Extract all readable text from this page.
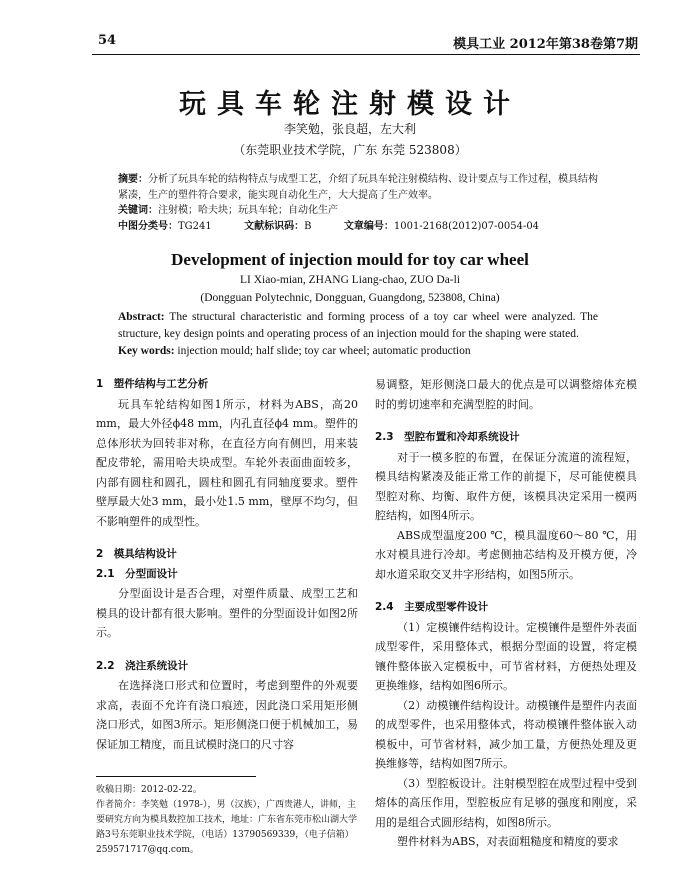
54	模具工业 2012年第38卷第7期
玩具车轮注射模设计
李笑勉，张良超，左大利
（东莞职业技术学院，广东 东莞 523808）
摘要：分析了玩具车轮的结构特点与成型工艺，介绍了玩具车轮注射模结构、设计要点与工作过程，模具结构紧凑，生产的塑件符合要求，能实现自动化生产，大大提高了生产效率。
关键词：注射模；哈夫块；玩具车轮；自动化生产
中图分类号：TG241	文献标识码：B	文章编号：1001-2168(2012)07-0054-04
Development of injection mould for toy car wheel
LI Xiao-mian, ZHANG Liang-chao, ZUO Da-li
(Dongguan Polytechnic, Dongguan, Guangdong, 523808, China)
Abstract: The structural characteristic and forming process of a toy car wheel were analyzed. The structure, key design points and operating process of an injection mould for the shaping were stated.
Key words: injection mould; half slide; toy car wheel; automatic production

1　塑件结构与工艺分析

玩具车轮结构如图1所示，材料为ABS，高20 mm，最大外径ϕ48 mm，内孔直径ϕ4 mm。塑件的总体形状为回转非对称，在直径方向有侧凹，用来装配皮带轮，需用哈夫块成型。车轮外表面曲面较多，内部有圆柱和圆孔，圆柱和圆孔有同轴度要求。塑件壁厚最大处3 mm，最小处1.5 mm，壁厚不均匀，但不影响塑件的成型性。

2　模具结构设计

2.1　分型面设计

分型面设计是否合理，对塑件质量、成型工艺和模具的设计都有很大影响。塑件的分型面设计如图2所示。

2.2　浇注系统设计

在选择浇口形式和位置时，考虑到塑件的外观要求高，表面不允许有浇口痕迹，因此浇口采用矩形侧浇口形式，如图3所示。矩形侧浇口便于机械加工，易保证加工精度，而且试模时浇口的尺寸容

易调整，矩形侧浇口最大的优点是可以调整熔体充模时的剪切速率和充满型腔的时间。

2.3　型腔布置和冷却系统设计

对于一模多腔的布置，在保证分流道的流程短，模具结构紧凑及能正常工作的前提下，尽可能使模具型腔对称、均衡、取件方便，该模具决定采用一模两腔结构，如图4所示。

ABS成型温度200 ℃，模具温度60～80 ℃，用水对模具进行冷却。考虑侧抽芯结构及开模方便，冷却水道采取交叉井字形结构，如图5所示。

2.4　主要成型零件设计

（1）定模镶件结构设计。定模镶件是塑件外表面成型零件，采用整体式，根据分型面的设置，将定模镶件整体嵌入定模板中，可节省材料，方便热处理及更换维修，结构如图6所示。

（2）动模镶件结构设计。动模镶件是塑件内表面的成型零件，也采用整体式，将动模镶件整体嵌入动模板中，可节省材料，减少加工量，方便热处理及更换维修等，结构如图7所示。

（3）型腔板设计。注射模型腔在成型过程中受到熔体的高压作用，型腔板应有足够的强度和刚度，采用的是组合式圆形结构，如图8所示。

塑件材料为ABS，对表面粗糙度和精度的要求

收稿日期：2012-02-22。
作者简介：李笑勉（1978-），男（汉族），广西贵港人，讲师，主要研究方向为模具数控加工技术，地址：广东省东莞市松山湖大学路3号东莞职业技术学院，（电话）13790569339，（电子信箱）259571717@qq.com。
